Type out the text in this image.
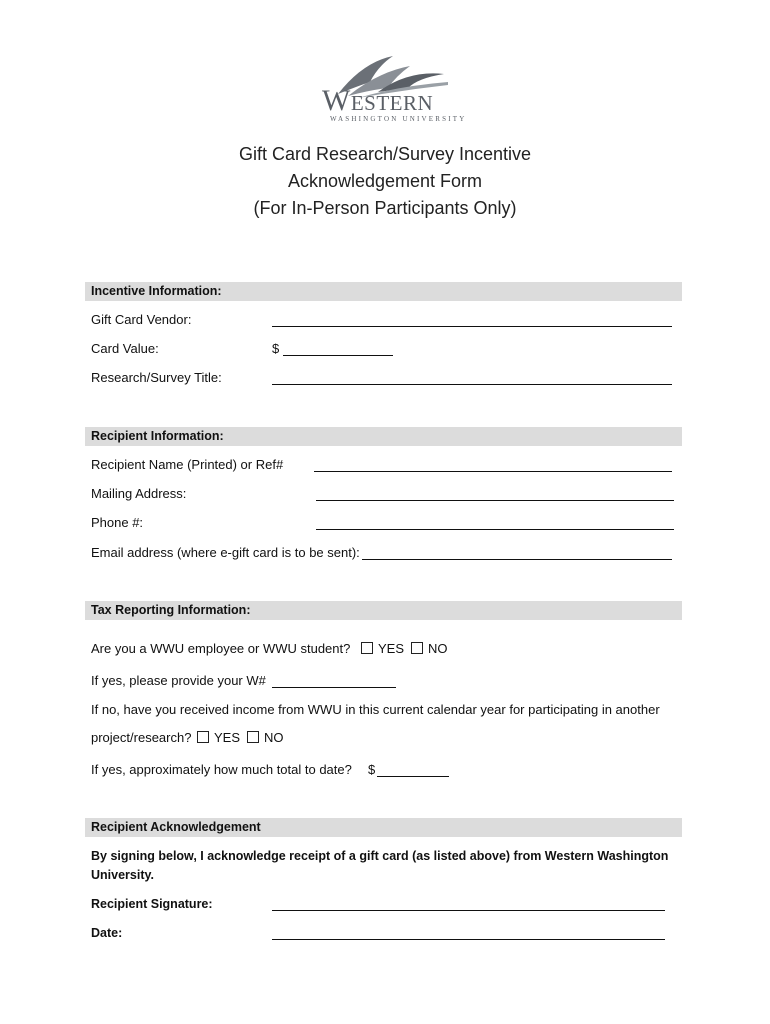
Western
WASHINGTON UNIVERSITY
Gift Card Research/Survey Incentive
Acknowledgement Form
(For In-Person Participants Only)
Incentive Information:
Gift Card Vendor:
Card Value:	$
Research/Survey Title:
Recipient Information:
Recipient Name (Printed) or Ref#
Mailing Address:
Phone #:
Email address (where e-gift card is to be sent):
Tax Reporting Information:
Are you a WWU employee or WWU student?	YES	NO
If yes, please provide your W#
If no, have you received income from WWU in this current calendar year for participating in another
project/research?	YES	NO
If yes, approximately how much total to date? $
Recipient Acknowledgement
By signing below, I acknowledge receipt of a gift card (as listed above) from Western Washington
University.
Recipient Signature:
Date:
